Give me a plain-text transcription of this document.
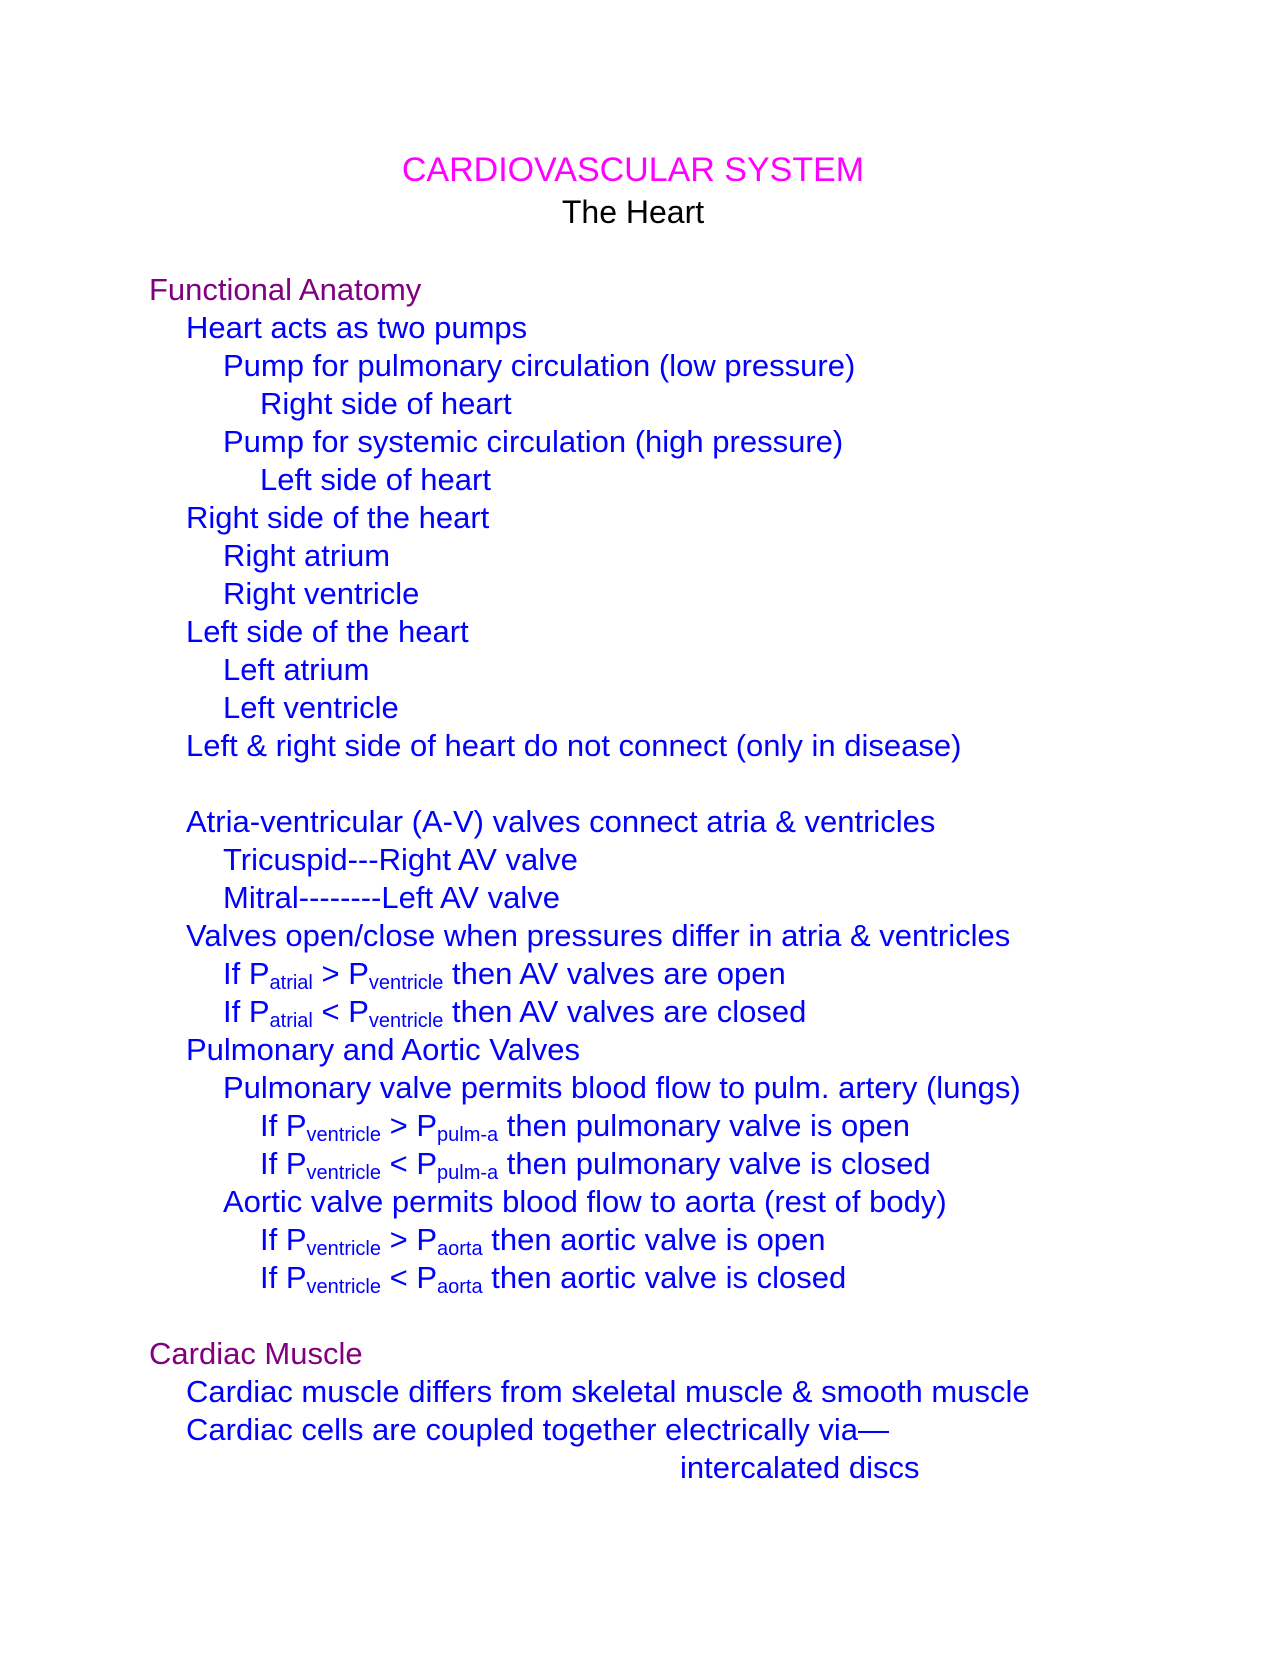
CARDIOVASCULAR SYSTEM
The Heart
Functional Anatomy
Heart acts as two pumps
Pump for pulmonary circulation (low pressure)
Right side of heart
Pump for systemic circulation (high pressure)
Left side of heart
Right side of the heart
Right atrium
Right ventricle
Left side of the heart
Left atrium
Left ventricle
Left & right side of heart do not connect (only in disease)
Atria-ventricular (A-V) valves connect atria & ventricles
Tricuspid---Right AV valve
Mitral--------Left AV valve
Valves open/close when pressures differ in atria & ventricles
If $P_{atrial} > P_{ventricle}$ then AV valves are open
If $P_{atrial} < P_{ventricle}$ then AV valves are closed
Pulmonary and Aortic Valves
Pulmonary valve permits blood flow to pulm. artery (lungs)
If $P_{ventricle} > P_{pulm-a}$ then pulmonary valve is open
If $P_{ventricle} < P_{pulm-a}$ then pulmonary valve is closed
Aortic valve permits blood flow to aorta (rest of body)
If $P_{ventricle} > P_{aorta}$ then aortic valve is open
If $P_{ventricle} < P_{aorta}$ then aortic valve is closed
Cardiac Muscle
Cardiac muscle differs from skeletal muscle & smooth muscle
Cardiac cells are coupled together electrically via—
intercalated discs
